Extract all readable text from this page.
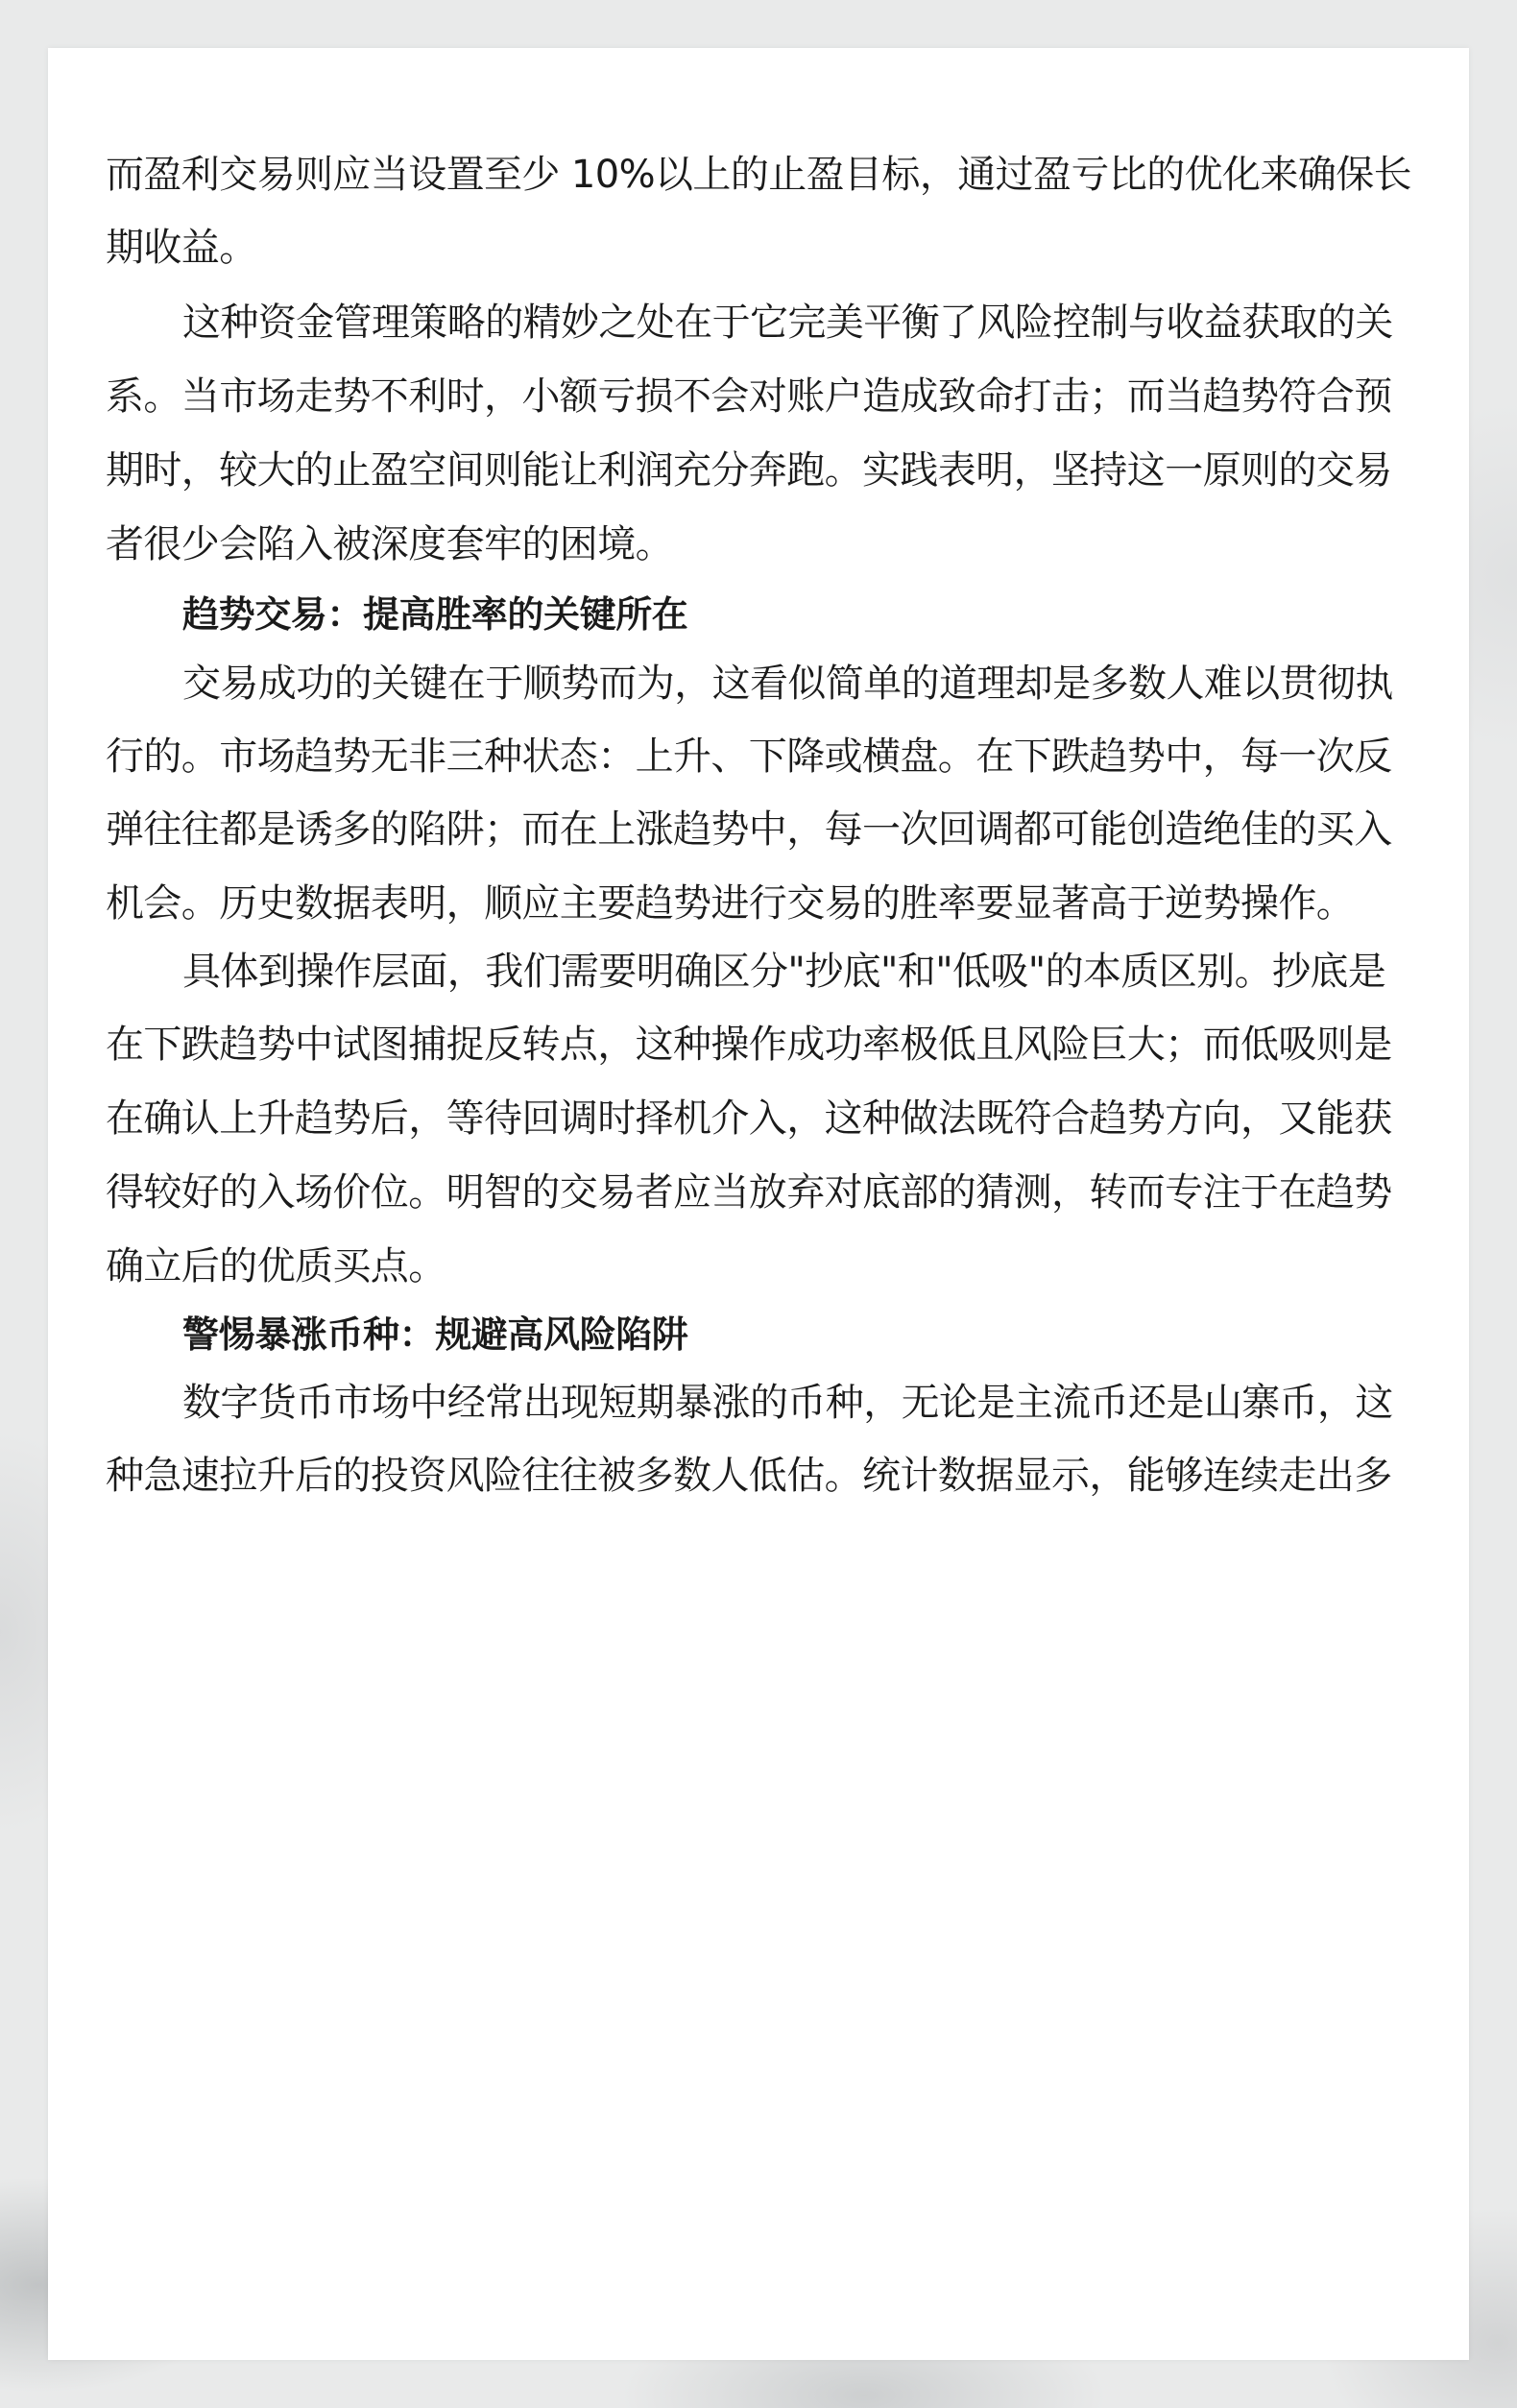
而盈利交易则应当设置至少 10%以上的止盈目标，通过盈亏比的优化来确保长
期收益。
这种资金管理策略的精妙之处在于它完美平衡了风险控制与收益获取的关
系。当市场走势不利时，小额亏损不会对账户造成致命打击；而当趋势符合预
期时，较大的止盈空间则能让利润充分奔跑。实践表明，坚持这一原则的交易
者很少会陷入被深度套牢的困境。
趋势交易：提高胜率的关键所在
交易成功的关键在于顺势而为，这看似简单的道理却是多数人难以贯彻执
行的。市场趋势无非三种状态：上升、下降或横盘。在下跌趋势中，每一次反
弹往往都是诱多的陷阱；而在上涨趋势中，每一次回调都可能创造绝佳的买入
机会。历史数据表明，顺应主要趋势进行交易的胜率要显著高于逆势操作。
具体到操作层面，我们需要明确区分"抄底"和"低吸"的本质区别。抄底是
在下跌趋势中试图捕捉反转点，这种操作成功率极低且风险巨大；而低吸则是
在确认上升趋势后，等待回调时择机介入，这种做法既符合趋势方向，又能获
得较好的入场价位。明智的交易者应当放弃对底部的猜测，转而专注于在趋势
确立后的优质买点。
警惕暴涨币种：规避高风险陷阱
数字货币市场中经常出现短期暴涨的币种，无论是主流币还是山寨币，这
种急速拉升后的投资风险往往被多数人低估。统计数据显示，能够连续走出多
